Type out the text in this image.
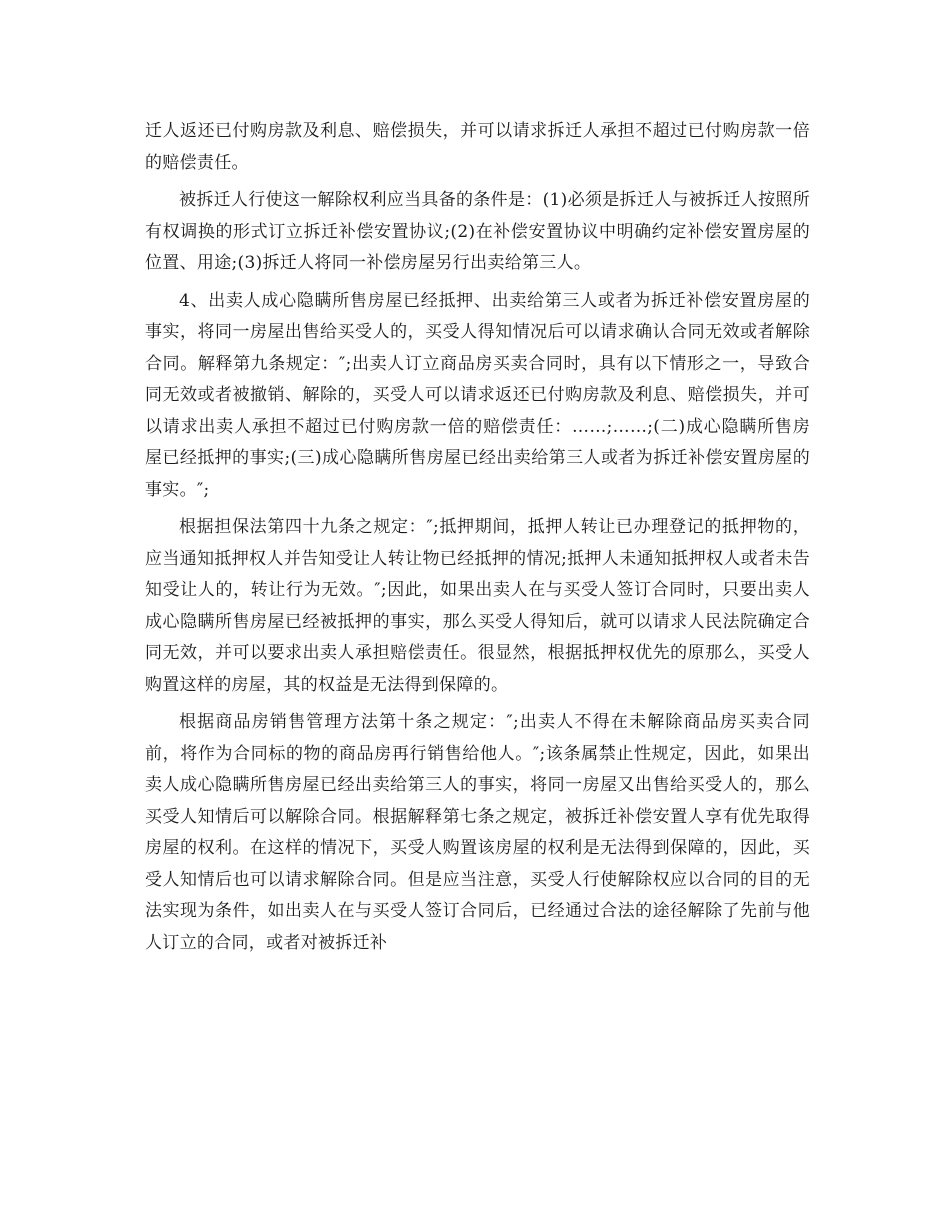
迁人返还已付购房款及利息、赔偿损失，并可以请求拆迁人承担不超过已付购房款一倍的赔偿责任。

被拆迁人行使这一解除权利应当具备的条件是：(1)必须是拆迁人与被拆迁人按照所有权调换的形式订立拆迁补偿安置协议;(2)在补偿安置协议中明确约定补偿安置房屋的位置、用途;(3)拆迁人将同一补偿房屋另行出卖给第三人。

4、出卖人成心隐瞒所售房屋已经抵押、出卖给第三人或者为拆迁补偿安置房屋的事实，将同一房屋出售给买受人的，买受人得知情况后可以请求确认合同无效或者解除合同。解释第九条规定：″;出卖人订立商品房买卖合同时，具有以下情形之一，导致合同无效或者被撤销、解除的，买受人可以请求返还已付购房款及利息、赔偿损失，并可以请求出卖人承担不超过已付购房款一倍的赔偿责任：……;……;(二)成心隐瞒所售房屋已经抵押的事实;(三)成心隐瞒所售房屋已经出卖给第三人或者为拆迁补偿安置房屋的事实。″;

根据担保法第四十九条之规定：″;抵押期间，抵押人转让已办理登记的抵押物的，应当通知抵押权人并告知受让人转让物已经抵押的情况;抵押人未通知抵押权人或者未告知受让人的，转让行为无效。″;因此，如果出卖人在与买受人签订合同时，只要出卖人成心隐瞒所售房屋已经被抵押的事实，那么买受人得知后，就可以请求人民法院确定合同无效，并可以要求出卖人承担赔偿责任。很显然，根据抵押权优先的原那么，买受人购置这样的房屋，其的权益是无法得到保障的。

根据商品房销售管理方法第十条之规定：″;出卖人不得在未解除商品房买卖合同前，将作为合同标的物的商品房再行销售给他人。″;该条属禁止性规定，因此，如果出卖人成心隐瞒所售房屋已经出卖给第三人的事实，将同一房屋又出售给买受人的，那么买受人知情后可以解除合同。根据解释第七条之规定，被拆迁补偿安置人享有优先取得房屋的权利。在这样的情况下，买受人购置该房屋的权利是无法得到保障的，因此，买受人知情后也可以请求解除合同。但是应当注意，买受人行使解除权应以合同的目的无法实现为条件，如出卖人在与买受人签订合同后，已经通过合法的途径解除了先前与他人订立的合同，或者对被拆迁补
